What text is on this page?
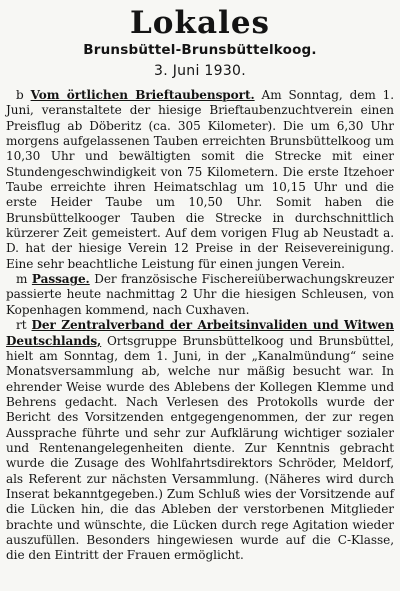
Lokales
Brunsbüttel-Brunsbüttelkoog.
3. Juni 1930.

b Vom örtlichen Brieftaubensport. Am Sonntag, dem 1. Juni, veranstaltete der hiesige Brieftaubenzuchtverein einen Preisflug ab Döberitz (ca. 305 Kilometer). Die um 6,30 Uhr morgens aufgelassenen Tauben erreichten Brunsbüttelkoog um 10,30 Uhr und bewältigten somit die Strecke mit einer Stundengeschwindigkeit von 75 Kilometern. Die erste Itzehoer Taube erreichte ihren Heimatschlag um 10,15 Uhr und die erste Heider Taube um 10,50 Uhr. Somit haben die Brunsbüttelkooger Tauben die Strecke in durchschnittlich kürzerer Zeit gemeistert. Auf dem vorigen Flug ab Neustadt a. D. hat der hiesige Verein 12 Preise in der Reisevereinigung. Eine sehr beachtliche Leistung für einen jungen Verein.

m Passage. Der französische Fischereiüberwachungskreuzer passierte heute nachmittag 2 Uhr die hiesigen Schleusen, von Kopenhagen kommend, nach Cuxhaven.

rt Der Zentralverband der Arbeitsinvaliden und Witwen Deutschlands, Ortsgruppe Brunsbüttelkoog und Brunsbüttel, hielt am Sonntag, dem 1. Juni, in der „Kanalmündung“ seine Monatsversammlung ab, welche nur mäßig besucht war. In ehrender Weise wurde des Ablebens der Kollegen Klemme und Behrens gedacht. Nach Verlesen des Protokolls wurde der Bericht des Vorsitzenden entgegengenommen, der zur regen Aussprache führte und sehr zur Aufklärung wichtiger sozialer und Rentenangelegenheiten diente. Zur Kenntnis gebracht wurde die Zusage des Wohlfahrtsdirektors Schröder, Meldorf, als Referent zur nächsten Versammlung. (Näheres wird durch Inserat bekanntgegeben.) Zum Schluß wies der Vorsitzende auf die Lücken hin, die das Ableben der verstorbenen Mitglieder brachte und wünschte, die Lücken durch rege Agitation wieder auszufüllen. Besonders hingewiesen wurde auf die C-Klasse, die den Eintritt der Frauen ermöglicht.
